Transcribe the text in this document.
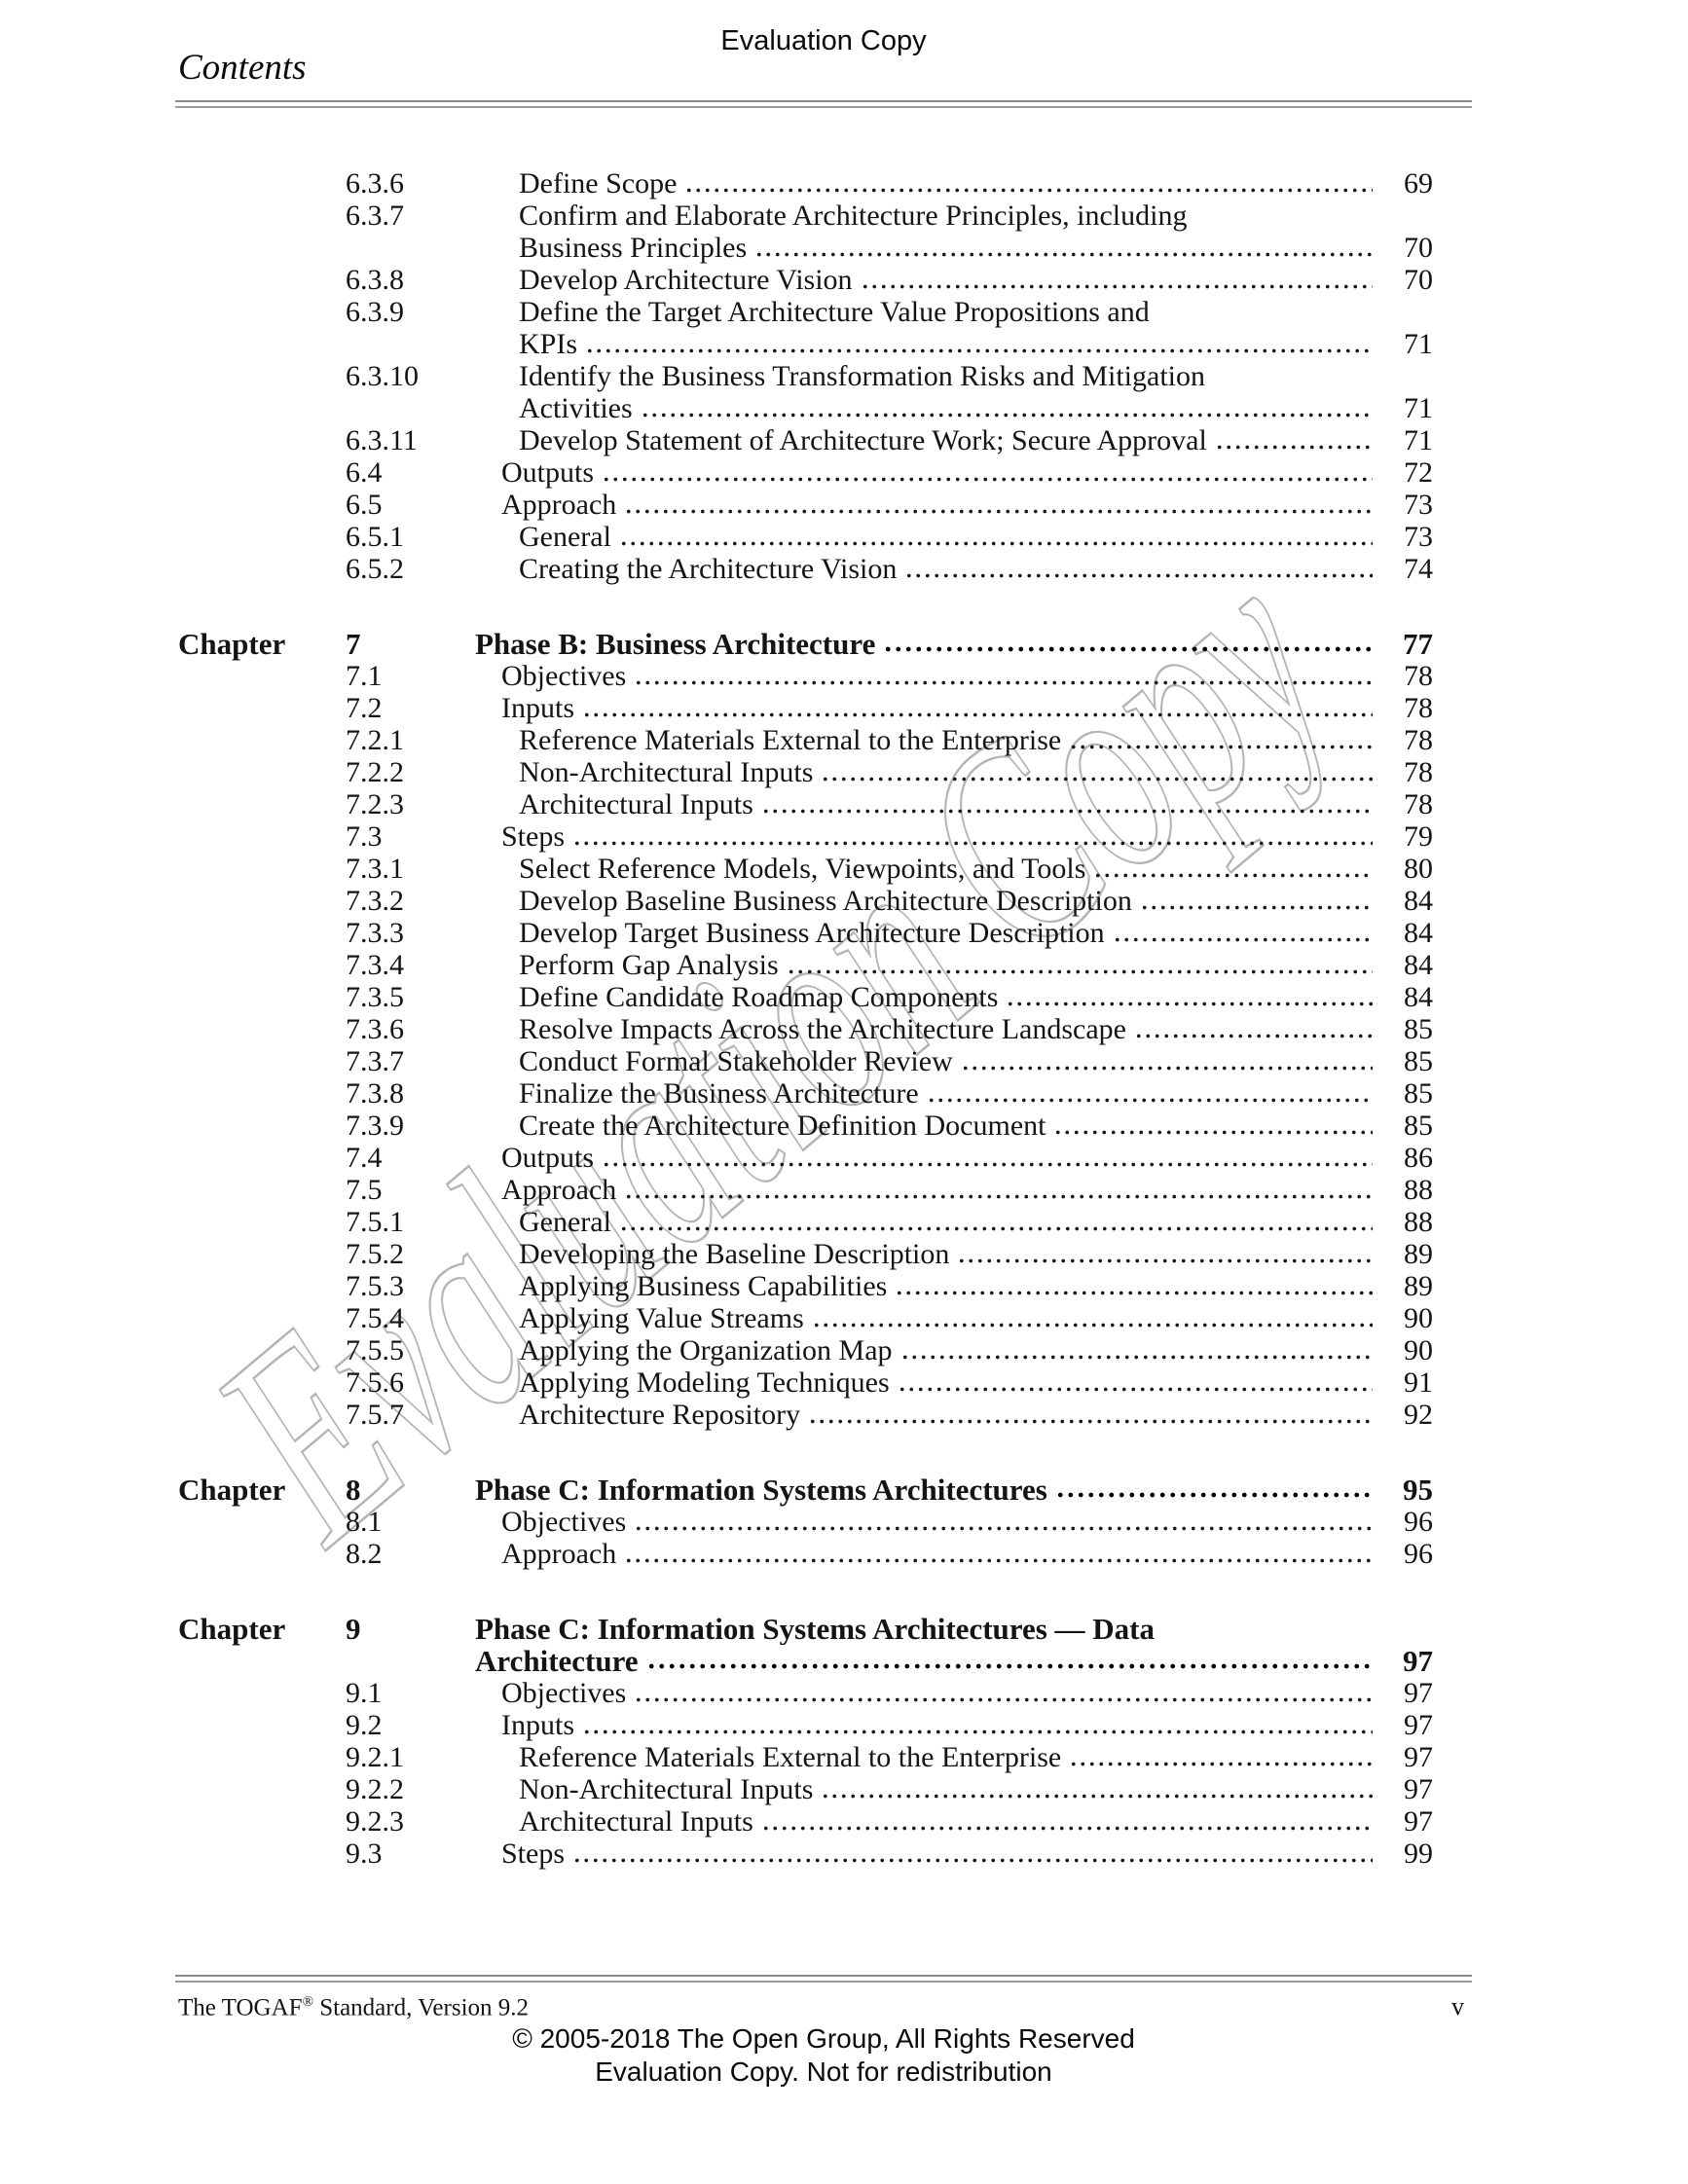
Evaluation Copy
Contents
6.3.6	Define Scope	69
6.3.7	Confirm and Elaborate Architecture Principles, including
Business Principles	70
6.3.8	Develop Architecture Vision	70
6.3.9	Define the Target Architecture Value Propositions and
KPIs	71
6.3.10	Identify the Business Transformation Risks and Mitigation
Activities	71
6.3.11	Develop Statement of Architecture Work; Secure Approval	71
6.4	Outputs	72
6.5	Approach	73
6.5.1	General	73
6.5.2	Creating the Architecture Vision	74
Chapter 7	Phase B: Business Architecture	77
7.1	Objectives	78
7.2	Inputs	78
7.2.1	Reference Materials External to the Enterprise	78
7.2.2	Non-Architectural Inputs	78
7.2.3	Architectural Inputs	78
7.3	Steps	79
7.3.1	Select Reference Models, Viewpoints, and Tools	80
7.3.2	Develop Baseline Business Architecture Description	84
7.3.3	Develop Target Business Architecture Description	84
7.3.4	Perform Gap Analysis	84
7.3.5	Define Candidate Roadmap Components	84
7.3.6	Resolve Impacts Across the Architecture Landscape	85
7.3.7	Conduct Formal Stakeholder Review	85
7.3.8	Finalize the Business Architecture	85
7.3.9	Create the Architecture Definition Document	85
7.4	Outputs	86
7.5	Approach	88
7.5.1	General	88
7.5.2	Developing the Baseline Description	89
7.5.3	Applying Business Capabilities	89
7.5.4	Applying Value Streams	90
7.5.5	Applying the Organization Map	90
7.5.6	Applying Modeling Techniques	91
7.5.7	Architecture Repository	92
Chapter 8	Phase C: Information Systems Architectures	95
8.1	Objectives	96
8.2	Approach	96
Chapter 9	Phase C: Information Systems Architectures — Data
Architecture	97
9.1	Objectives	97
9.2	Inputs	97
9.2.1	Reference Materials External to the Enterprise	97
9.2.2	Non-Architectural Inputs	97
9.2.3	Architectural Inputs	97
9.3	Steps	99
The TOGAF® Standard, Version 9.2	v
© 2005-2018 The Open Group, All Rights Reserved
Evaluation Copy. Not for redistribution
